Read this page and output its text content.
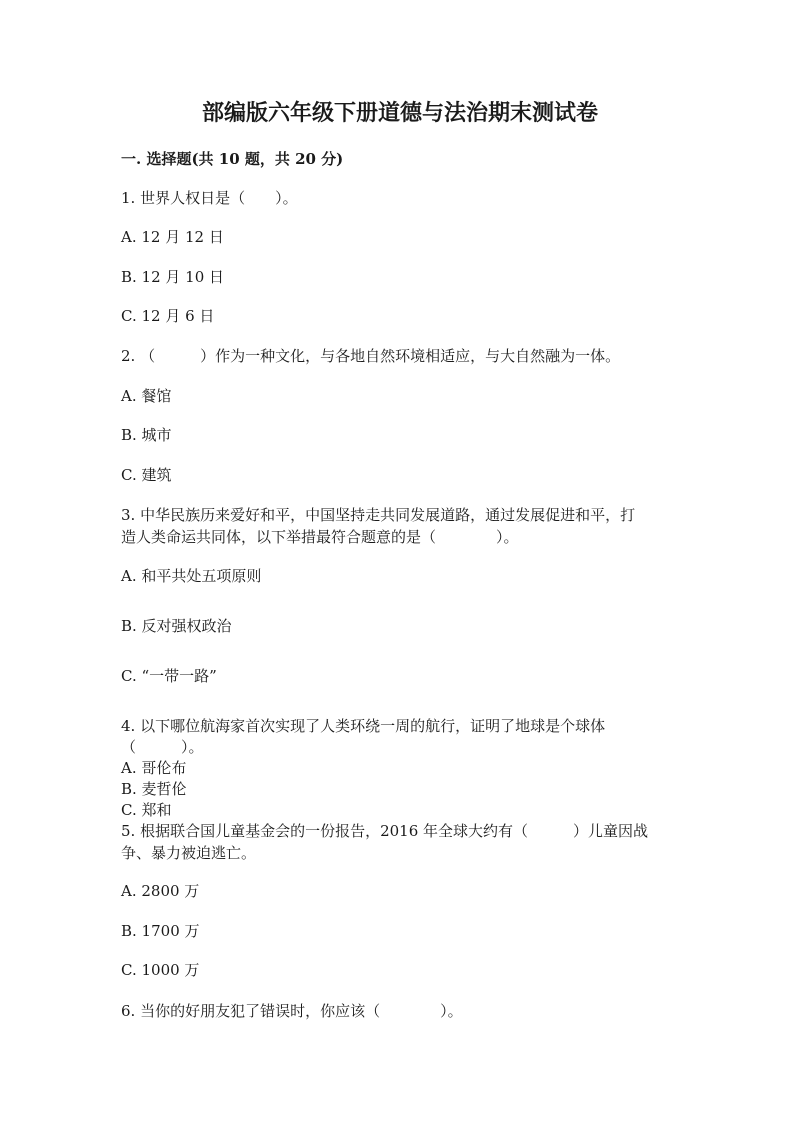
部编版六年级下册道德与法治期末测试卷
一. 选择题(共 10 题，共 20 分)
1. 世界人权日是（　　）。
A. 12 月 12 日
B. 12 月 10 日
C. 12 月 6 日
2. （　　　）作为一种文化，与各地自然环境相适应，与大自然融为一体。
A. 餐馆
B. 城市
C. 建筑
3. 中华民族历来爱好和平，中国坚持走共同发展道路，通过发展促进和平，打
造人类命运共同体，以下举措最符合题意的是（　　　　）。
A. 和平共处五项原则
B. 反对强权政治
C. “一带一路”
4. 以下哪位航海家首次实现了人类环绕一周的航行，证明了地球是个球体
（　　　）。
A. 哥伦布
B. 麦哲伦
C. 郑和
5. 根据联合国儿童基金会的一份报告，2016 年全球大约有（　　　）儿童因战
争、暴力被迫逃亡。
A. 2800 万
B. 1700 万
C. 1000 万
6. 当你的好朋友犯了错误时，你应该（　　　　）。
